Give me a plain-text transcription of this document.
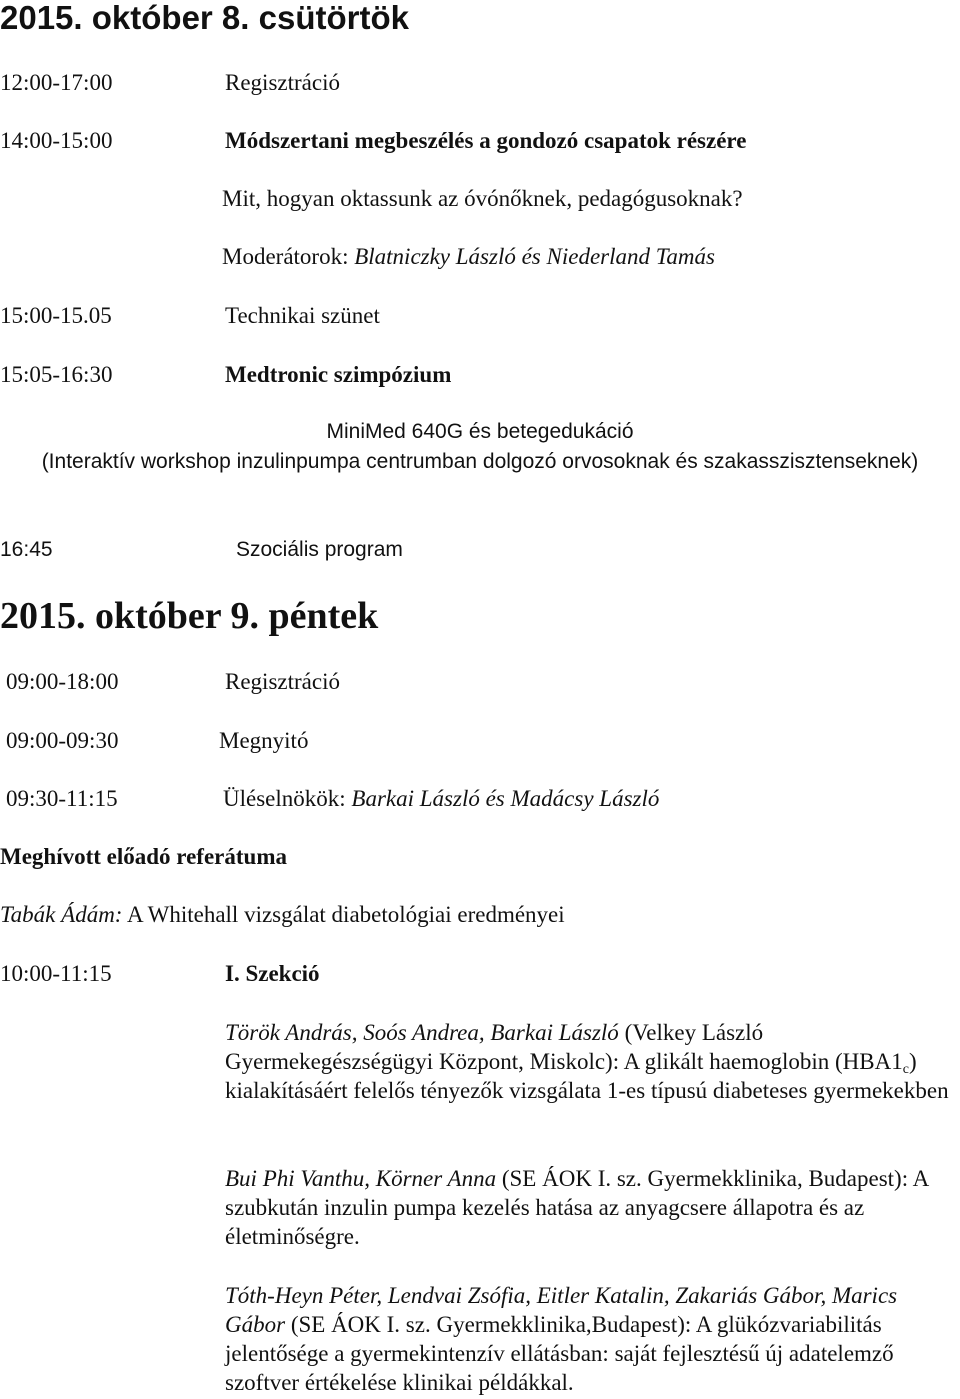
2015. október 8. csütörtök
12:00-17:00	Regisztráció
14:00-15:00	Módszertani megbeszélés a gondozó csapatok részére
Mit, hogyan oktassunk az óvónőknek, pedagógusoknak?
Moderátorok: Blatniczky László és Niederland Tamás
15:00-15.05	Technikai szünet
15:05-16:30	Medtronic szimpózium
MiniMed 640G és betegedukáció
(Interaktív workshop inzulinpumpa centrumban dolgozó orvosoknak és szakasszisztenseknek)
16:45	Szociális program
2015. október 9. péntek
09:00-18:00	Regisztráció
09:00-09:30	Megnyitó
09:30-11:15	Üléselnökök: Barkai László és Madácsy László
Meghívott előadó referátuma
Tabák Ádám: A Whitehall vizsgálat diabetológiai eredményei
10:00-11:15	I. Szekció
Török András, Soós Andrea, Barkai László (Velkey László Gyermekegészségügyi Központ, Miskolc): A glikált haemoglobin $(HBA1_c)$ kialakításáért felelős tényezők vizsgálata 1-es típusú diabeteses gyermekekben
Bui Phi Vanthu, Körner Anna (SE ÁOK I. sz. Gyermekklinika, Budapest): A szubkután inzulin pumpa kezelés hatása az anyagcsere állapotra és az életminőségre.
Tóth-Heyn Péter, Lendvai Zsófia, Eitler Katalin, Zakariás Gábor, Marics Gábor (SE ÁOK I. sz. Gyermekklinika,Budapest): A glükózvariabilitás jelentősége a gyermekintenzív ellátásban: saját fejlesztésű új adatelemző szoftver értékelése klinikai példákkal.
